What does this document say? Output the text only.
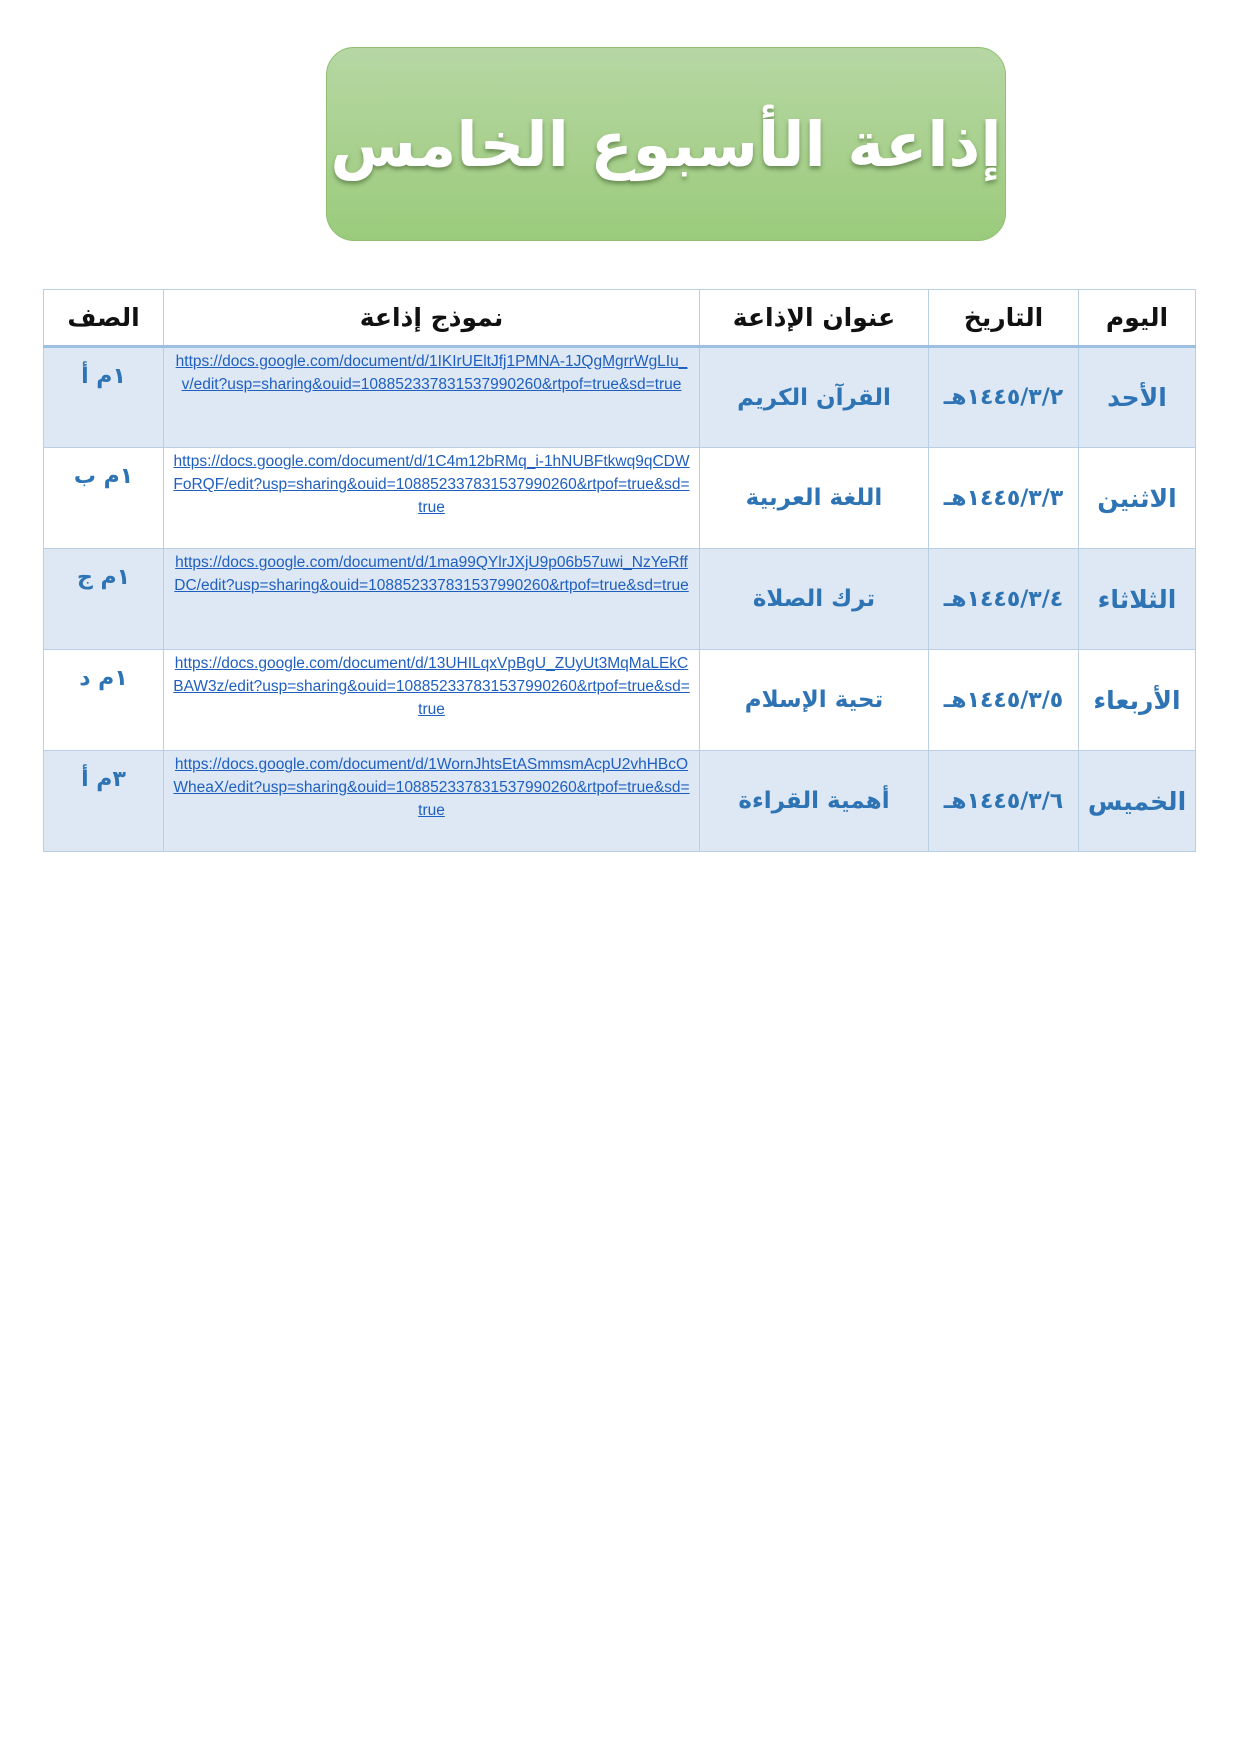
إذاعة الأسبوع الخامس
اليوم	التاريخ	عنوان الإذاعة	نموذج إذاعة	الصف
الأحد	١٤٤٥/٣/٢هـ	القرآن الكريم	https://docs.google.com/document/d/1IKIrUEltJfj1PMNA-1JQgMgrrWgLIu_v/edit?usp=sharing&ouid=108852337831537990260&rtpof=true&sd=true	١م أ
الاثنين	١٤٤٥/٣/٣هـ	اللغة العربية	https://docs.google.com/document/d/1C4m12bRMq_i-1hNUBFtkwq9qCDWFoRQF/edit?usp=sharing&ouid=108852337831537990260&rtpof=true&sd=true	١م ب
الثلاثاء	١٤٤٥/٣/٤هـ	ترك الصلاة	https://docs.google.com/document/d/1ma99QYlrJXjU9p06b57uwi_NzYeRffDC/edit?usp=sharing&ouid=108852337831537990260&rtpof=true&sd=true	١م ج
الأربعاء	١٤٤٥/٣/٥هـ	تحية الإسلام	https://docs.google.com/document/d/13UHILqxVpBgU_ZUyUt3MqMaLEkCBAW3z/edit?usp=sharing&ouid=108852337831537990260&rtpof=true&sd=true	١م د
الخميس	١٤٤٥/٣/٦هـ	أهمية القراءة	https://docs.google.com/document/d/1WornJhtsEtASmmsmAcpU2vhHBcOWheaX/edit?usp=sharing&ouid=108852337831537990260&rtpof=true&sd=true	٣م أ
